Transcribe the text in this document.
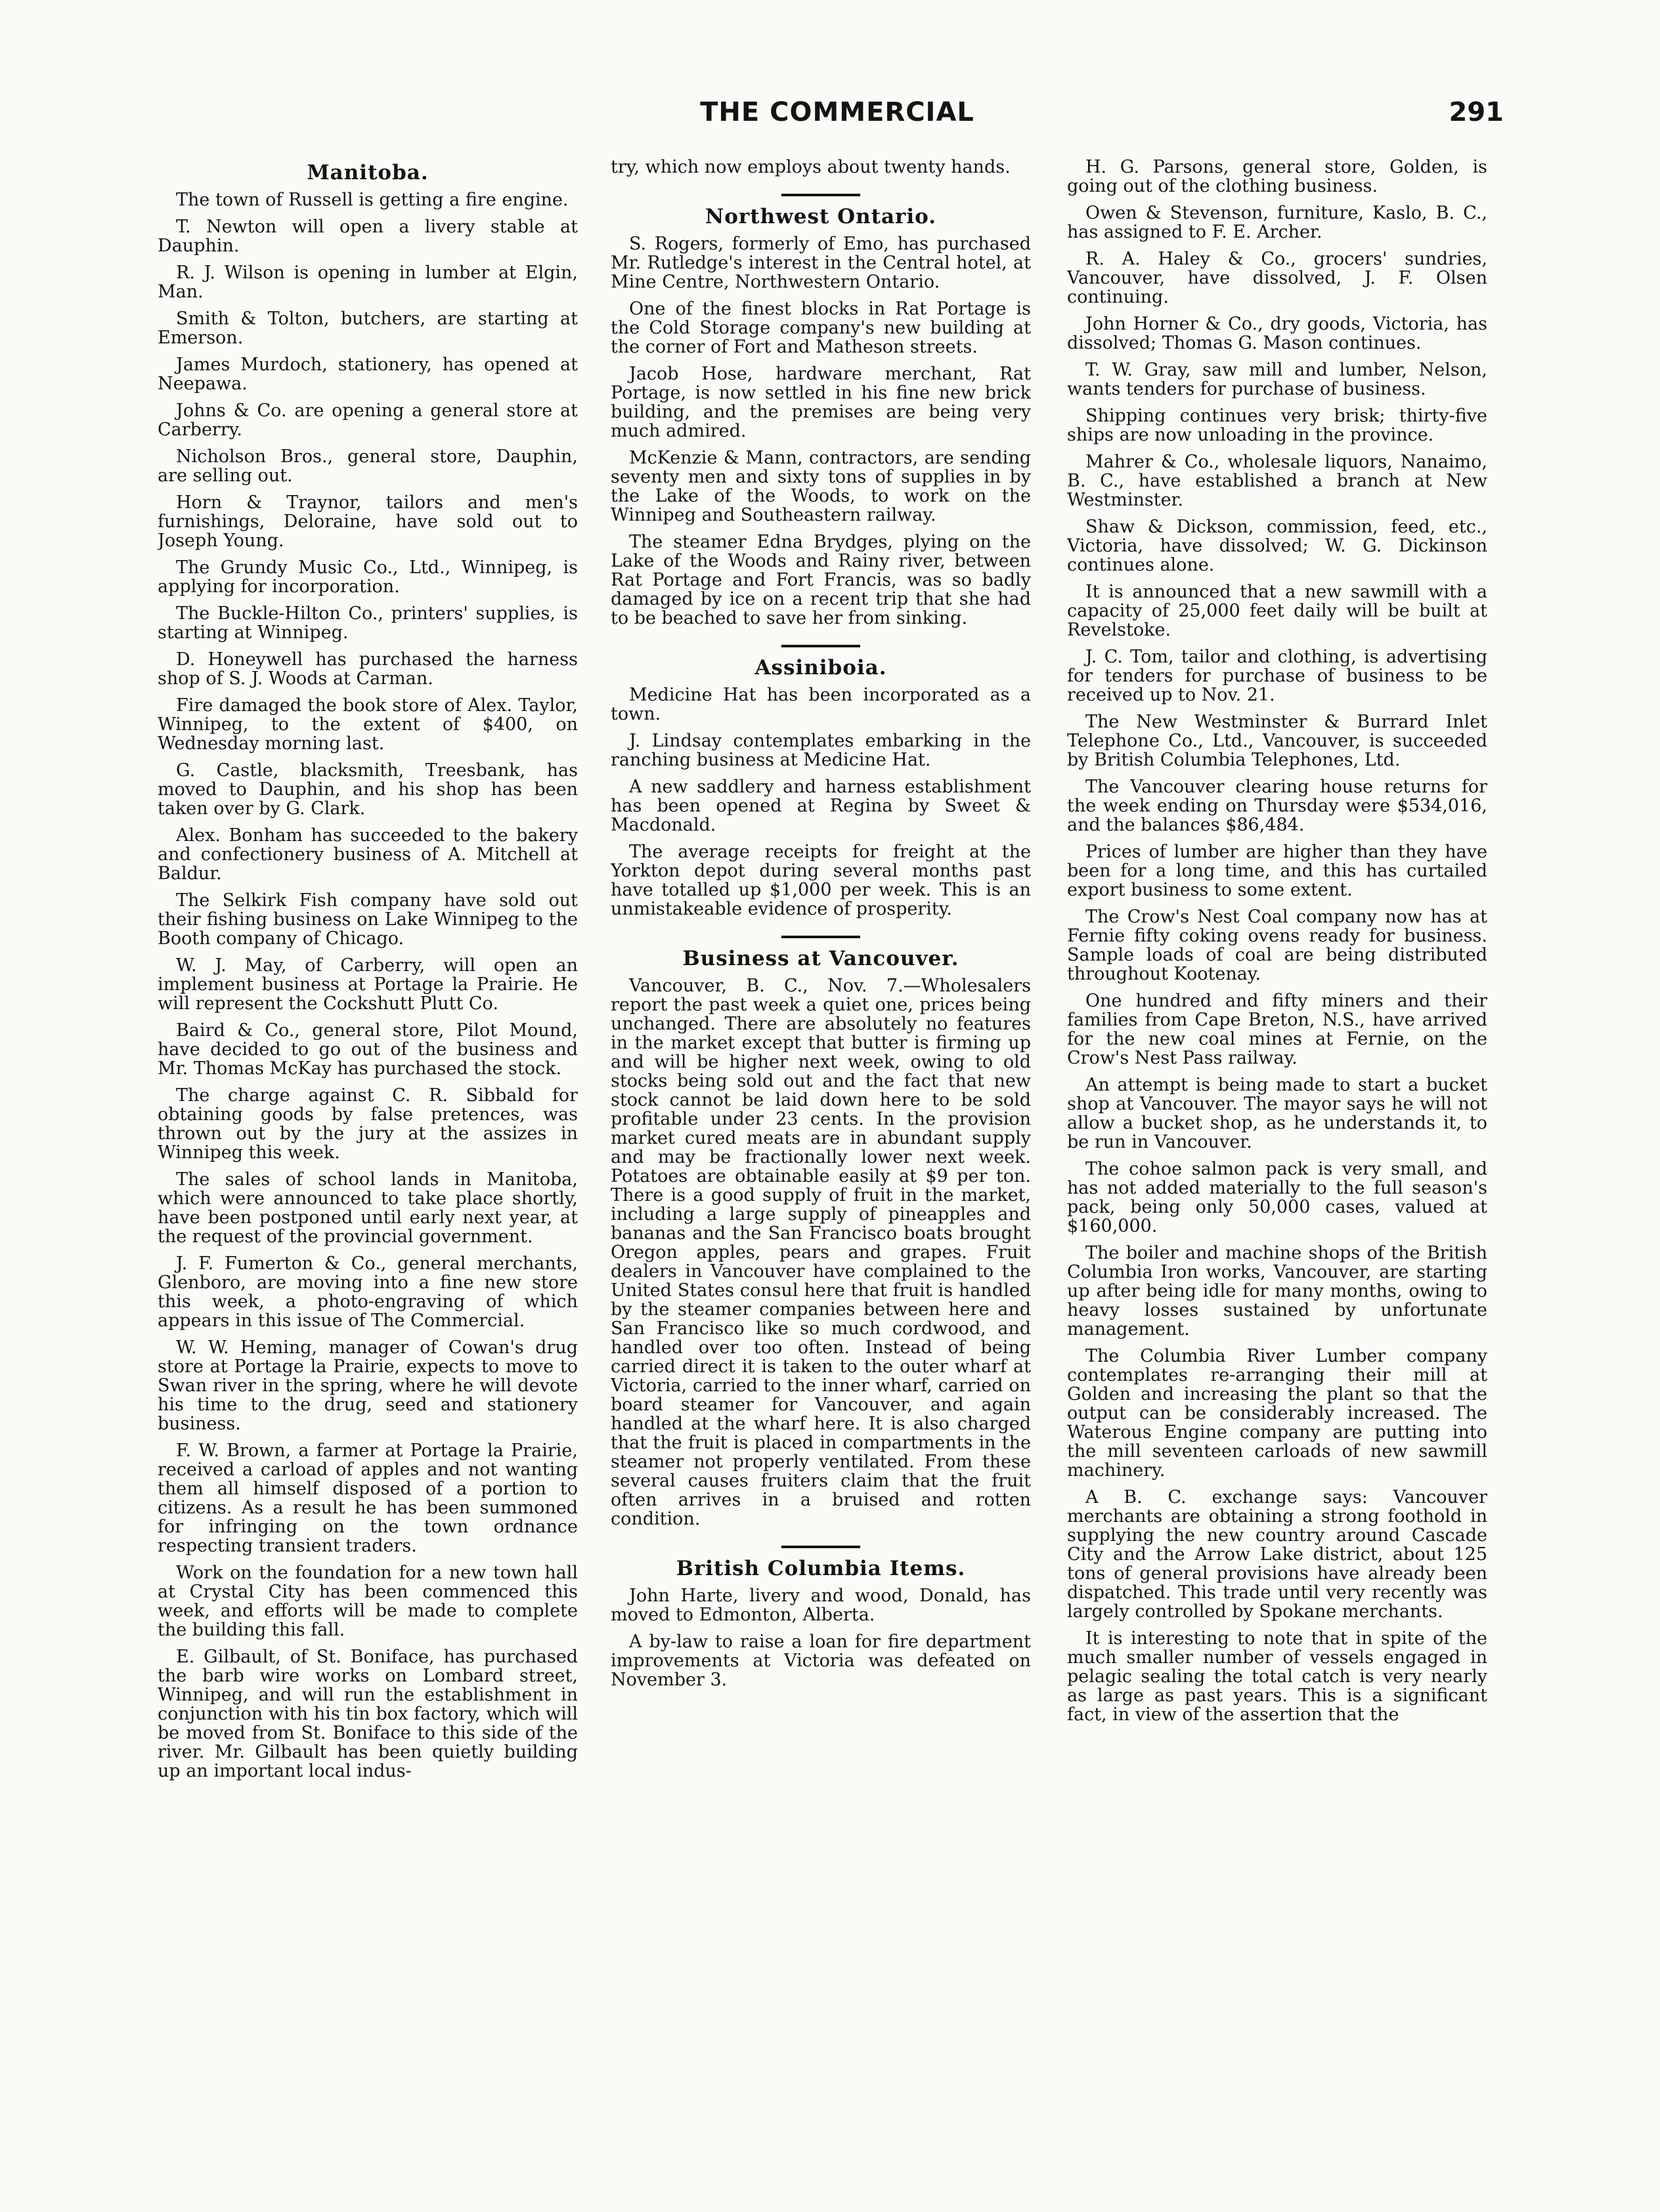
THE COMMERCIAL	291
Manitoba.

The town of Russell is getting a fire engine.

T. Newton will open a livery stable at Dauphin.

R. J. Wilson is opening in lumber at Elgin, Man.

Smith & Tolton, butchers, are starting at Emerson.

James Murdoch, stationery, has opened at Neepawa.

Johns & Co. are opening a general store at Carberry.

Nicholson Bros., general store, Dauphin, are selling out.

Horn & Traynor, tailors and men's furnishings, Deloraine, have sold out to Joseph Young.

The Grundy Music Co., Ltd., Winnipeg, is applying for incorporation.

The Buckle-Hilton Co., printers' supplies, is starting at Winnipeg.

D. Honeywell has purchased the harness shop of S. J. Woods at Carman.

Fire damaged the book store of Alex. Taylor, Winnipeg, to the extent of $400, on Wednesday morning last.

G. Castle, blacksmith, Treesbank, has moved to Dauphin, and his shop has been taken over by G. Clark.

Alex. Bonham has succeeded to the bakery and confectionery business of A. Mitchell at Baldur.

The Selkirk Fish company have sold out their fishing business on Lake Winnipeg to the Booth company of Chicago.

W. J. May, of Carberry, will open an implement business at Portage la Prairie. He will represent the Cockshutt Plutt Co.

Baird & Co., general store, Pilot Mound, have decided to go out of the business and Mr. Thomas McKay has purchased the stock.

The charge against C. R. Sibbald for obtaining goods by false pretences, was thrown out by the jury at the assizes in Winnipeg this week.

The sales of school lands in Manitoba, which were announced to take place shortly, have been postponed until early next year, at the request of the provincial government.

J. F. Fumerton & Co., general merchants, Glenboro, are moving into a fine new store this week, a photo-engraving of which appears in this issue of The Commercial.

W. W. Heming, manager of Cowan's drug store at Portage la Prairie, expects to move to Swan river in the spring, where he will devote his time to the drug, seed and stationery business.

F. W. Brown, a farmer at Portage la Prairie, received a carload of apples and not wanting them all himself disposed of a portion to citizens. As a result he has been summoned for infringing on the town ordnance respecting transient traders.

Work on the foundation for a new town hall at Crystal City has been commenced this week, and efforts will be made to complete the building this fall.

E. Gilbault, of St. Boniface, has purchased the barb wire works on Lombard street, Winnipeg, and will run the establishment in conjunction with his tin box factory, which will be moved from St. Boniface to this side of the river. Mr. Gilbault has been quietly building up an important local indus-

try, which now employs about twenty hands.

Northwest Ontario.

S. Rogers, formerly of Emo, has purchased Mr. Rutledge's interest in the Central hotel, at Mine Centre, Northwestern Ontario.

One of the finest blocks in Rat Portage is the Cold Storage company's new building at the corner of Fort and Matheson streets.

Jacob Hose, hardware merchant, Rat Portage, is now settled in his fine new brick building, and the premises are being very much admired.

McKenzie & Mann, contractors, are sending seventy men and sixty tons of supplies in by the Lake of the Woods, to work on the Winnipeg and Southeastern railway.

The steamer Edna Brydges, plying on the Lake of the Woods and Rainy river, between Rat Portage and Fort Francis, was so badly damaged by ice on a recent trip that she had to be beached to save her from sinking.

Assiniboia.

Medicine Hat has been incorporated as a town.

J. Lindsay contemplates embarking in the ranching business at Medicine Hat.

A new saddlery and harness establishment has been opened at Regina by Sweet & Macdonald.

The average receipts for freight at the Yorkton depot during several months past have totalled up $1,000 per week. This is an unmistakeable evidence of prosperity.

Business at Vancouver.

Vancouver, B. C., Nov. 7.—Wholesalers report the past week a quiet one, prices being unchanged. There are absolutely no features in the market except that butter is firming up and will be higher next week, owing to old stocks being sold out and the fact that new stock cannot be laid down here to be sold profitable under 23 cents. In the provision market cured meats are in abundant supply and may be fractionally lower next week. Potatoes are obtainable easily at $9 per ton. There is a good supply of fruit in the market, including a large supply of pineapples and bananas and the San Francisco boats brought Oregon apples, pears and grapes. Fruit dealers in Vancouver have complained to the United States consul here that fruit is handled by the steamer companies between here and San Francisco like so much cordwood, and handled over too often. Instead of being carried direct it is taken to the outer wharf at Victoria, carried to the inner wharf, carried on board steamer for Vancouver, and again handled at the wharf here. It is also charged that the fruit is placed in compartments in the steamer not properly ventilated. From these several causes fruiters claim that the fruit often arrives in a bruised and rotten condition.

British Columbia Items.

John Harte, livery and wood, Donald, has moved to Edmonton, Alberta.

A by-law to raise a loan for fire department improvements at Victoria was defeated on November 3.

H. G. Parsons, general store, Golden, is going out of the clothing business.

Owen & Stevenson, furniture, Kaslo, B. C., has assigned to F. E. Archer.

R. A. Haley & Co., grocers' sundries, Vancouver, have dissolved, J. F. Olsen continuing.

John Horner & Co., dry goods, Victoria, has dissolved; Thomas G. Mason continues.

T. W. Gray, saw mill and lumber, Nelson, wants tenders for purchase of business.

Shipping continues very brisk; thirty-five ships are now unloading in the province.

Mahrer & Co., wholesale liquors, Nanaimo, B. C., have established a branch at New Westminster.

Shaw & Dickson, commission, feed, etc., Victoria, have dissolved; W. G. Dickinson continues alone.

It is announced that a new sawmill with a capacity of 25,000 feet daily will be built at Revelstoke.

J. C. Tom, tailor and clothing, is advertising for tenders for purchase of business to be received up to Nov. 21.

The New Westminster & Burrard Inlet Telephone Co., Ltd., Vancouver, is succeeded by British Columbia Telephones, Ltd.

The Vancouver clearing house returns for the week ending on Thursday were $534,016, and the balances $86,484.

Prices of lumber are higher than they have been for a long time, and this has curtailed export business to some extent.

The Crow's Nest Coal company now has at Fernie fifty coking ovens ready for business. Sample loads of coal are being distributed throughout Kootenay.

One hundred and fifty miners and their families from Cape Breton, N.S., have arrived for the new coal mines at Fernie, on the Crow's Nest Pass railway.

An attempt is being made to start a bucket shop at Vancouver. The mayor says he will not allow a bucket shop, as he understands it, to be run in Vancouver.

The cohoe salmon pack is very small, and has not added materially to the full season's pack, being only 50,000 cases, valued at $160,000.

The boiler and machine shops of the British Columbia Iron works, Vancouver, are starting up after being idle for many months, owing to heavy losses sustained by unfortunate management.

The Columbia River Lumber company contemplates re-arranging their mill at Golden and increasing the plant so that the output can be considerably increased. The Waterous Engine company are putting into the mill seventeen carloads of new sawmill machinery.

A B. C. exchange says: Vancouver merchants are obtaining a strong foothold in supplying the new country around Cascade City and the Arrow Lake district, about 125 tons of general provisions have already been dispatched. This trade until very recently was largely controlled by Spokane merchants.

It is interesting to note that in spite of the much smaller number of vessels engaged in pelagic sealing the total catch is very nearly as large as past years. This is a significant fact, in view of the assertion that the
